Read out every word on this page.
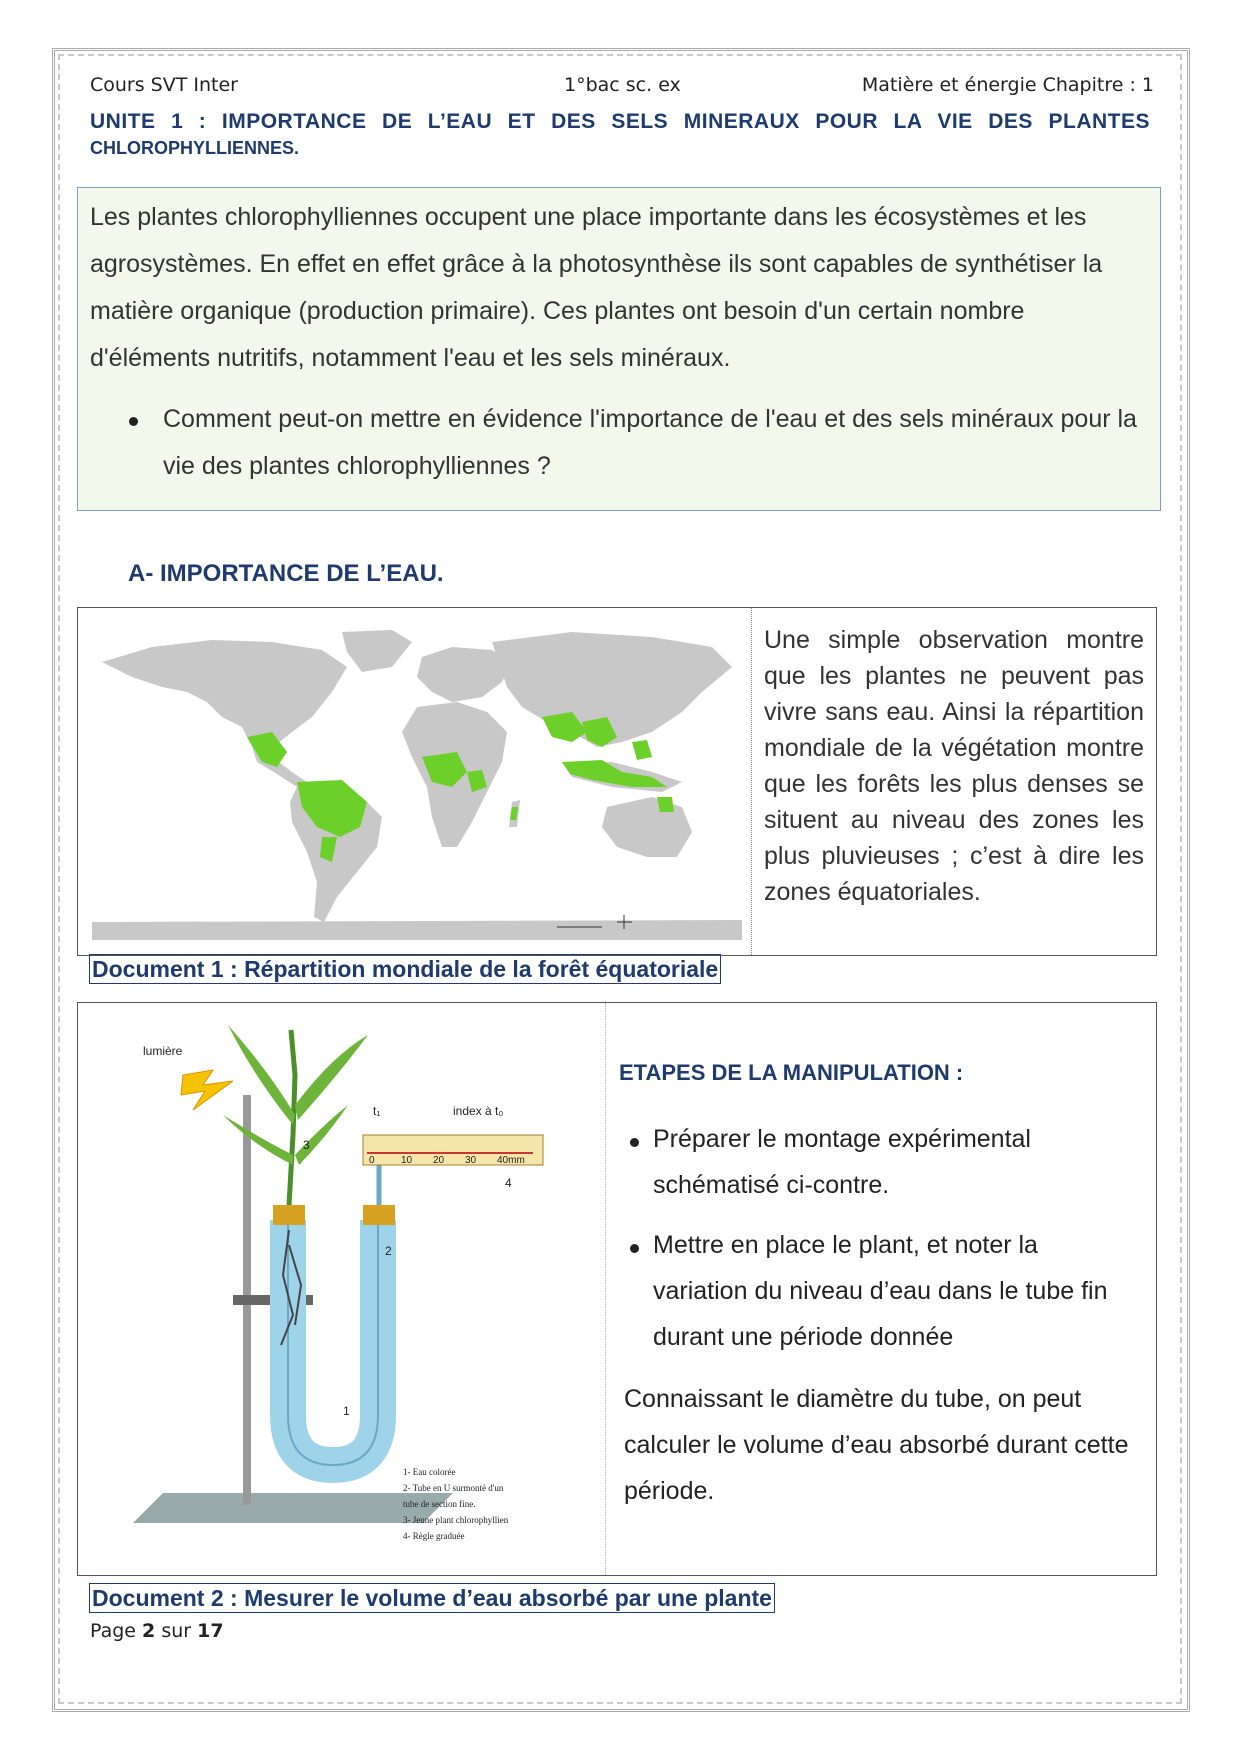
Cours SVT Inter	1°bac sc. ex	Matière et énergie Chapitre : 1
UNITE 1 : IMPORTANCE DE L’EAU ET DES SELS MINERAUX POUR LA VIE DES PLANTES
CHLOROPHYLLIENNES.

Les plantes chlorophylliennes occupent une place importante dans les écosystèmes et les agrosystèmes. En effet en effet grâce à la photosynthèse ils sont capables de synthétiser la matière organique (production primaire). Ces plantes ont besoin d'un certain nombre d'éléments nutritifs, notamment l'eau et les sels minéraux.

Comment peut-on mettre en évidence l'importance de l'eau et des sels minéraux pour la vie des plantes chlorophylliennes ?
A- IMPORTANCE DE L’EAU.
Une simple observation montre que les plantes ne peuvent pas vivre sans eau. Ainsi la répartition mondiale de la végétation montre que les forêts les plus denses se situent au niveau des zones les plus pluvieuses ; c’est à dire les zones équatoriales.
Document 1 : Répartition mondiale de la forêt équatoriale
lumière
t₁	index à t₀
0	10 20 30 40mm
3
4
2
1
1- Eau colorée
2- Tube en U surmonté d'un
tube de section fine.
3- Jeune plant chlorophyllien
4- Règle graduée
ETAPES DE LA MANIPULATION :
Préparer le montage expérimental schématisé ci-contre.
Mettre en place le plant, et noter la variation du niveau d’eau dans le tube fin durant une période donnée
Connaissant le diamètre du tube, on peut calculer le volume d’eau absorbé durant cette période.
Document 2 : Mesurer le volume d’eau absorbé par une plante
Page 2 sur 17
